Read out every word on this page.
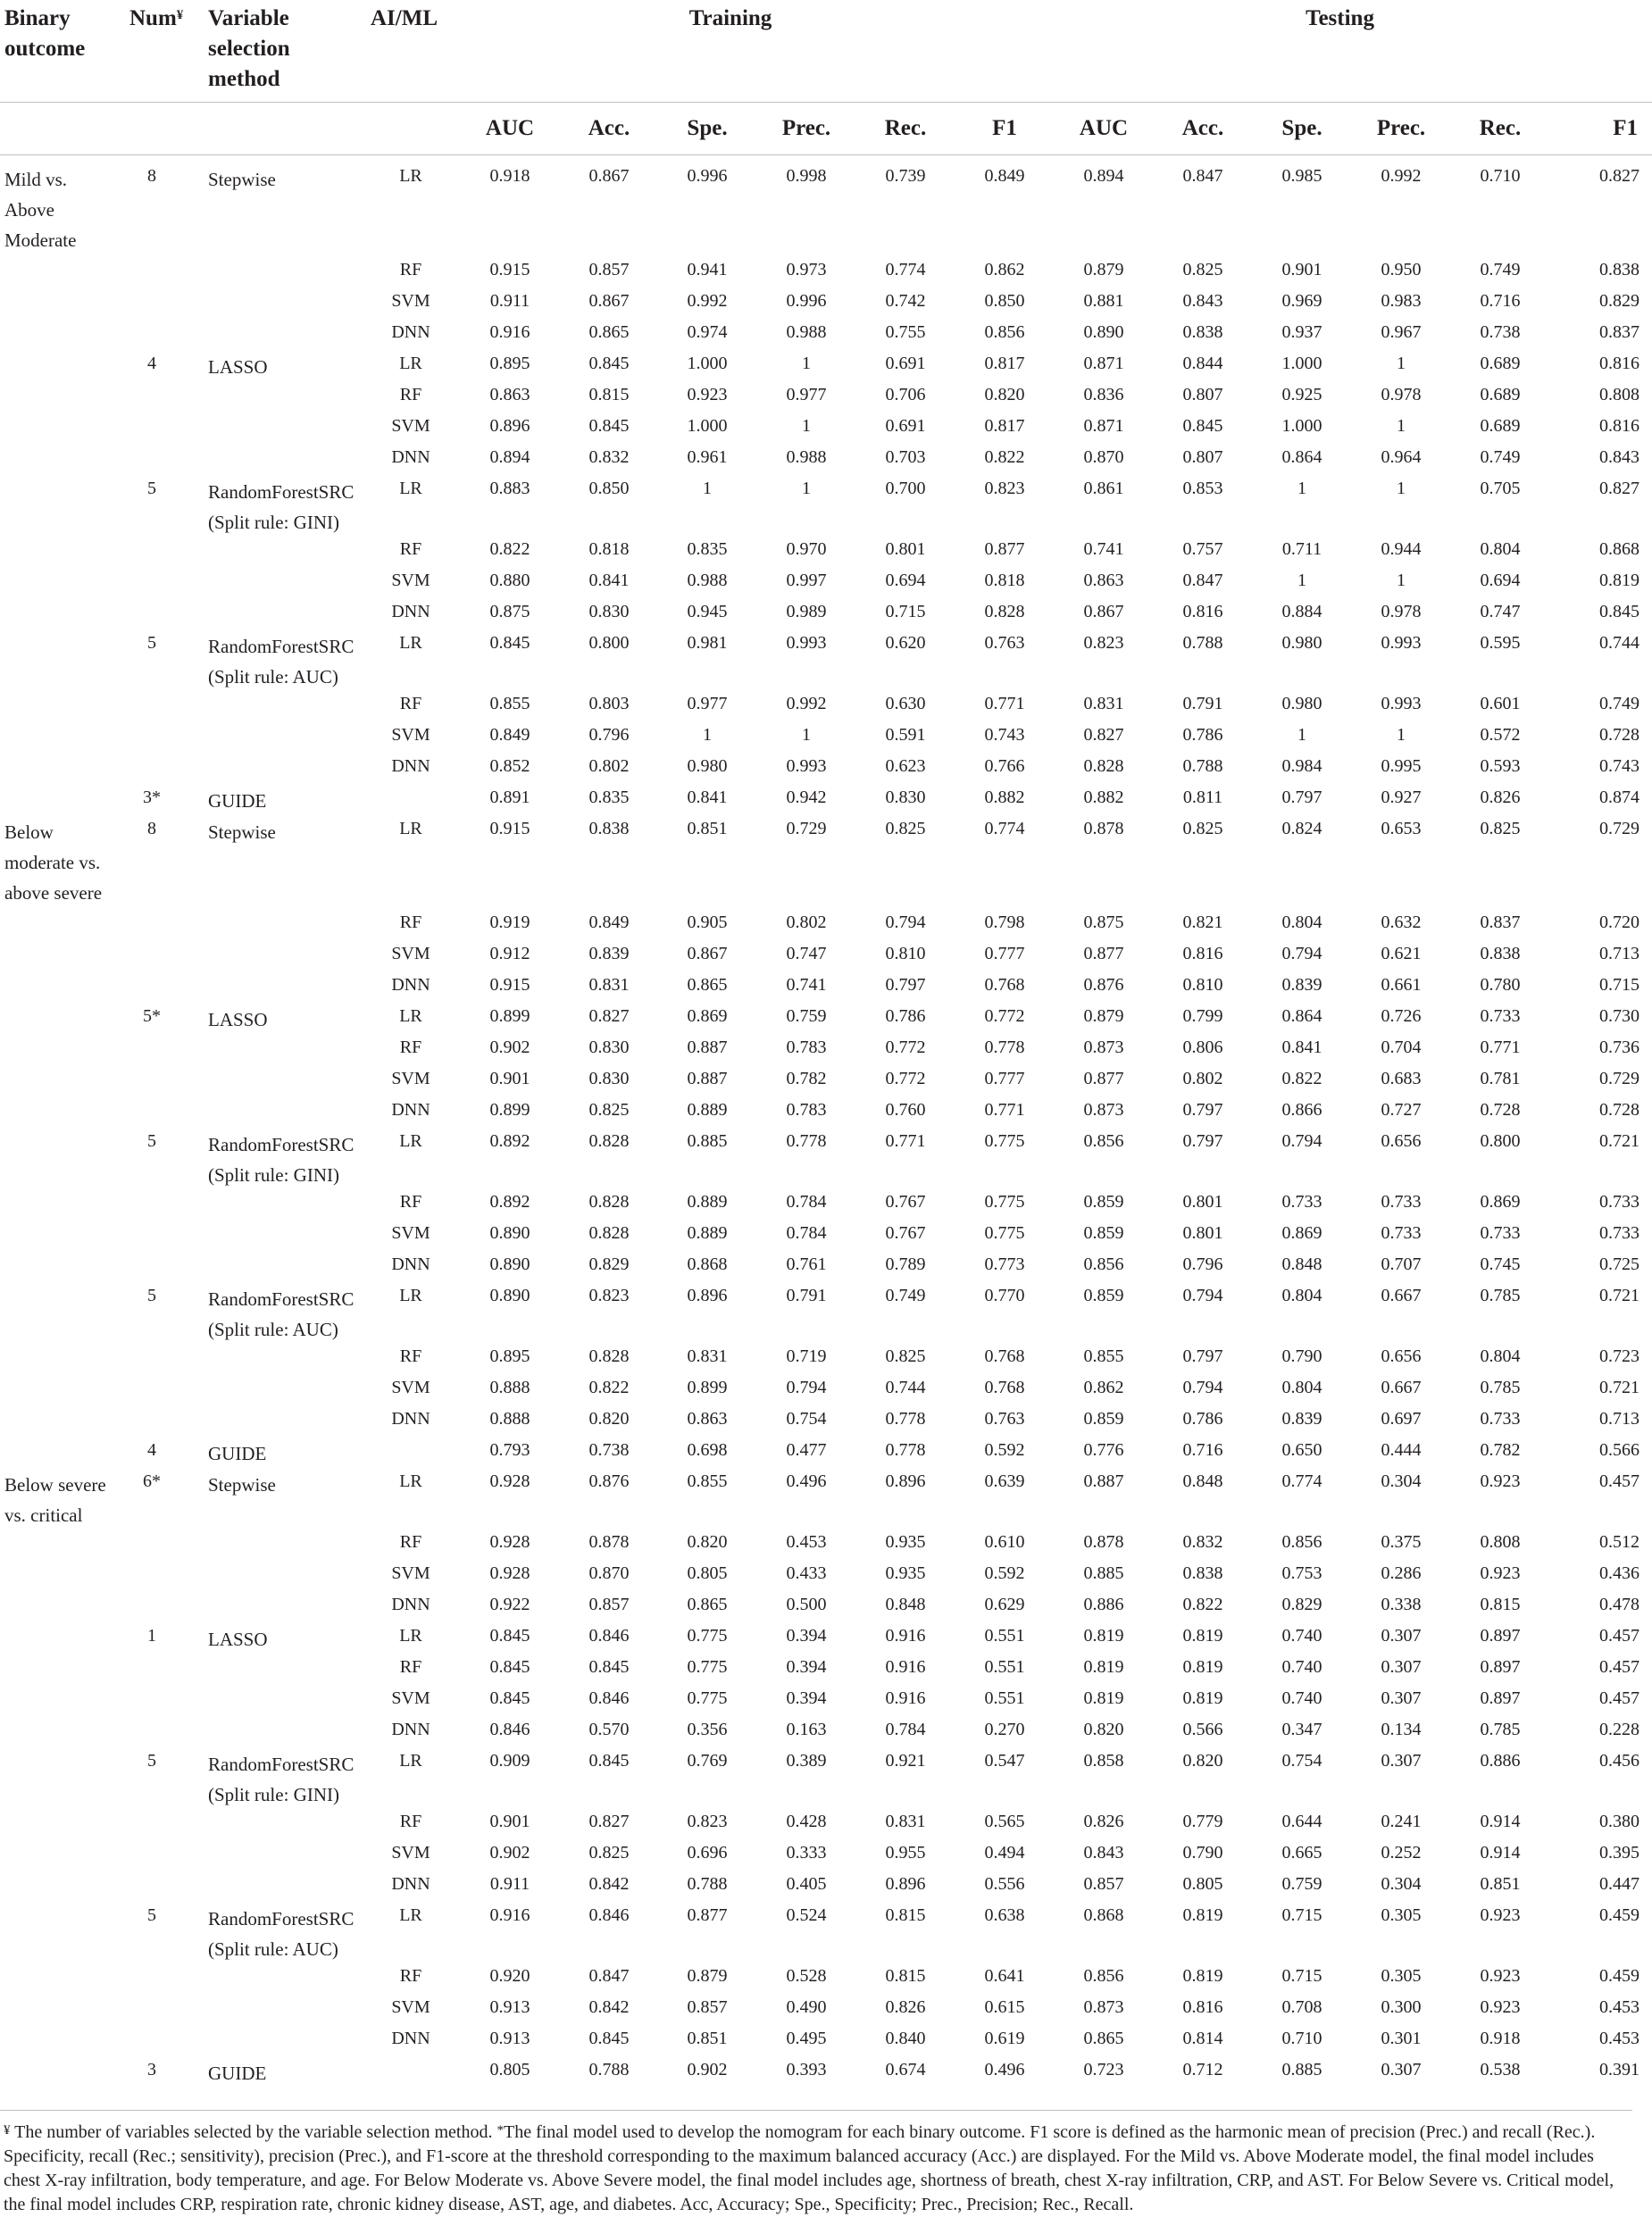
Binary
outcome	Num¥	Variable
selection
method	AI/ML	Training						Testing					
				AUC	Acc.	Spe.	Prec.	Rec.	F1	AUC	Acc.	Spe.	Prec.	Rec.	F1

Mild vs.
Above
Moderate	8	Stepwise	LR	0.918	0.867	0.996	0.998	0.739	0.849	0.894	0.847	0.985	0.992	0.710	0.827
			RF	0.915	0.857	0.941	0.973	0.774	0.862	0.879	0.825	0.901	0.950	0.749	0.838
			SVM	0.911	0.867	0.992	0.996	0.742	0.850	0.881	0.843	0.969	0.983	0.716	0.829
			DNN	0.916	0.865	0.974	0.988	0.755	0.856	0.890	0.838	0.937	0.967	0.738	0.837
	4	LASSO	LR	0.895	0.845	1.000	1	0.691	0.817	0.871	0.844	1.000	1	0.689	0.816
			RF	0.863	0.815	0.923	0.977	0.706	0.820	0.836	0.807	0.925	0.978	0.689	0.808
			SVM	0.896	0.845	1.000	1	0.691	0.817	0.871	0.845	1.000	1	0.689	0.816
			DNN	0.894	0.832	0.961	0.988	0.703	0.822	0.870	0.807	0.864	0.964	0.749	0.843
	5	RandomForestSRC
(Split rule: GINI)	LR	0.883	0.850	1	1	0.700	0.823	0.861	0.853	1	1	0.705	0.827
			RF	0.822	0.818	0.835	0.970	0.801	0.877	0.741	0.757	0.711	0.944	0.804	0.868
			SVM	0.880	0.841	0.988	0.997	0.694	0.818	0.863	0.847	1	1	0.694	0.819
			DNN	0.875	0.830	0.945	0.989	0.715	0.828	0.867	0.816	0.884	0.978	0.747	0.845
	5	RandomForestSRC
(Split rule: AUC)	LR	0.845	0.800	0.981	0.993	0.620	0.763	0.823	0.788	0.980	0.993	0.595	0.744
			RF	0.855	0.803	0.977	0.992	0.630	0.771	0.831	0.791	0.980	0.993	0.601	0.749
			SVM	0.849	0.796	1	1	0.591	0.743	0.827	0.786	1	1	0.572	0.728
			DNN	0.852	0.802	0.980	0.993	0.623	0.766	0.828	0.788	0.984	0.995	0.593	0.743
	3*	GUIDE		0.891	0.835	0.841	0.942	0.830	0.882	0.882	0.811	0.797	0.927	0.826	0.874

Below
moderate vs.
above severe	8	Stepwise	LR	0.915	0.838	0.851	0.729	0.825	0.774	0.878	0.825	0.824	0.653	0.825	0.729
			RF	0.919	0.849	0.905	0.802	0.794	0.798	0.875	0.821	0.804	0.632	0.837	0.720
			SVM	0.912	0.839	0.867	0.747	0.810	0.777	0.877	0.816	0.794	0.621	0.838	0.713
			DNN	0.915	0.831	0.865	0.741	0.797	0.768	0.876	0.810	0.839	0.661	0.780	0.715
	5*	LASSO	LR	0.899	0.827	0.869	0.759	0.786	0.772	0.879	0.799	0.864	0.726	0.733	0.730
			RF	0.902	0.830	0.887	0.783	0.772	0.778	0.873	0.806	0.841	0.704	0.771	0.736
			SVM	0.901	0.830	0.887	0.782	0.772	0.777	0.877	0.802	0.822	0.683	0.781	0.729
			DNN	0.899	0.825	0.889	0.783	0.760	0.771	0.873	0.797	0.866	0.727	0.728	0.728
	5	RandomForestSRC
(Split rule: GINI)	LR	0.892	0.828	0.885	0.778	0.771	0.775	0.856	0.797	0.794	0.656	0.800	0.721
			RF	0.892	0.828	0.889	0.784	0.767	0.775	0.859	0.801	0.733	0.733	0.869	0.733
			SVM	0.890	0.828	0.889	0.784	0.767	0.775	0.859	0.801	0.869	0.733	0.733	0.733
			DNN	0.890	0.829	0.868	0.761	0.789	0.773	0.856	0.796	0.848	0.707	0.745	0.725
	5	RandomForestSRC
(Split rule: AUC)	LR	0.890	0.823	0.896	0.791	0.749	0.770	0.859	0.794	0.804	0.667	0.785	0.721
			RF	0.895	0.828	0.831	0.719	0.825	0.768	0.855	0.797	0.790	0.656	0.804	0.723
			SVM	0.888	0.822	0.899	0.794	0.744	0.768	0.862	0.794	0.804	0.667	0.785	0.721
			DNN	0.888	0.820	0.863	0.754	0.778	0.763	0.859	0.786	0.839	0.697	0.733	0.713
	4	GUIDE		0.793	0.738	0.698	0.477	0.778	0.592	0.776	0.716	0.650	0.444	0.782	0.566

Below severe
vs. critical	6*	Stepwise	LR	0.928	0.876	0.855	0.496	0.896	0.639	0.887	0.848	0.774	0.304	0.923	0.457
			RF	0.928	0.878	0.820	0.453	0.935	0.610	0.878	0.832	0.856	0.375	0.808	0.512
			SVM	0.928	0.870	0.805	0.433	0.935	0.592	0.885	0.838	0.753	0.286	0.923	0.436
			DNN	0.922	0.857	0.865	0.500	0.848	0.629	0.886	0.822	0.829	0.338	0.815	0.478
	1	LASSO	LR	0.845	0.846	0.775	0.394	0.916	0.551	0.819	0.819	0.740	0.307	0.897	0.457
			RF	0.845	0.845	0.775	0.394	0.916	0.551	0.819	0.819	0.740	0.307	0.897	0.457
			SVM	0.845	0.846	0.775	0.394	0.916	0.551	0.819	0.819	0.740	0.307	0.897	0.457
			DNN	0.846	0.570	0.356	0.163	0.784	0.270	0.820	0.566	0.347	0.134	0.785	0.228
	5	RandomForestSRC
(Split rule: GINI)	LR	0.909	0.845	0.769	0.389	0.921	0.547	0.858	0.820	0.754	0.307	0.886	0.456
			RF	0.901	0.827	0.823	0.428	0.831	0.565	0.826	0.779	0.644	0.241	0.914	0.380
			SVM	0.902	0.825	0.696	0.333	0.955	0.494	0.843	0.790	0.665	0.252	0.914	0.395
			DNN	0.911	0.842	0.788	0.405	0.896	0.556	0.857	0.805	0.759	0.304	0.851	0.447
	5	RandomForestSRC
(Split rule: AUC)	LR	0.916	0.846	0.877	0.524	0.815	0.638	0.868	0.819	0.715	0.305	0.923	0.459
			RF	0.920	0.847	0.879	0.528	0.815	0.641	0.856	0.819	0.715	0.305	0.923	0.459
			SVM	0.913	0.842	0.857	0.490	0.826	0.615	0.873	0.816	0.708	0.300	0.923	0.453
			DNN	0.913	0.845	0.851	0.495	0.840	0.619	0.865	0.814	0.710	0.301	0.918	0.453
	3	GUIDE		0.805	0.788	0.902	0.393	0.674	0.496	0.723	0.712	0.885	0.307	0.538	0.391
¥ The number of variables selected by the variable selection method. *The final model used to develop the nomogram for each binary outcome. F1 score is defined as the harmonic mean of precision (Prec.) and recall (Rec.). Specificity, recall (Rec.; sensitivity), precision (Prec.), and F1-score at the threshold corresponding to the maximum balanced accuracy (Acc.) are displayed. For the Mild vs. Above Moderate model, the final model includes chest X-ray infiltration, body temperature, and age. For Below Moderate vs. Above Severe model, the final model includes age, shortness of breath, chest X-ray infiltration, CRP, and AST. For Below Severe vs. Critical model, the final model includes CRP, respiration rate, chronic kidney disease, AST, age, and diabetes. Acc, Accuracy; Spe., Specificity; Prec., Precision; Rec., Recall.
